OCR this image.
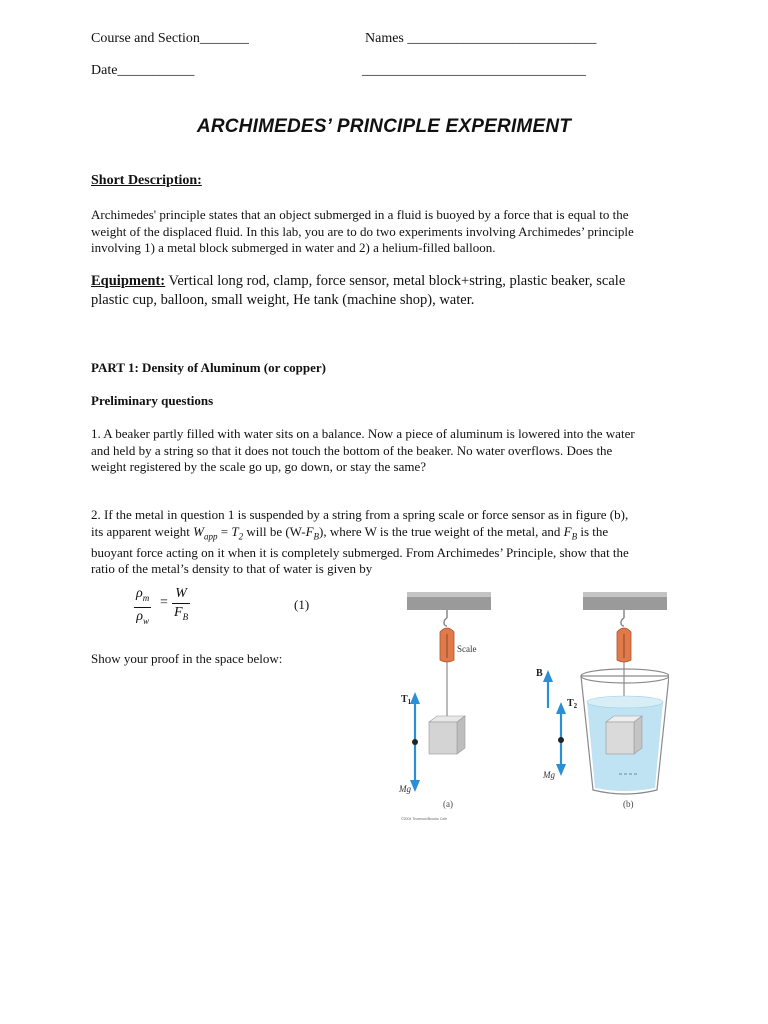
Course and Section_______	Names ___________________________
Date___________	________________________________
ARCHIMEDES’ PRINCIPLE EXPERIMENT
Short Description:
Archimedes' principle states that an object submerged in a fluid is buoyed by a force that is equal to the
weight of the displaced fluid. In this lab, you are to do two experiments involving Archimedes’ principle
involving 1) a metal block submerged in water and 2) a helium-filled balloon.
Equipment: Vertical long rod, clamp, force sensor, metal block+string, plastic beaker, scale
plastic cup, balloon, small weight, He tank (machine shop), water.
PART 1: Density of Aluminum (or copper)
Preliminary questions
1. A beaker partly filled with water sits on a balance. Now a piece of aluminum is lowered into the water
and held by a string so that it does not touch the bottom of the beaker. No water overflows. Does the
weight registered by the scale go up, go down, or stay the same?
2. If the metal in question 1 is suspended by a string from a spring scale or force sensor as in figure (b),
its apparent weight $W_{app} = T_2$ will be $(W-F_B)$, where W is the true weight of the metal, and $F_B$ is the
buoyant force acting on it when it is completely submerged. From Archimedes’ Principle, show that the
ratio of the metal’s density to that of water is given by
$\rho_m$
$\rho_w$
=
W
$F_B$
(1)
Show your proof in the space below:
Scale
$T_1$
Mg
B
$T_2$
Mg
(a)	(b)
©2004 Thomson/Brooks Cole
